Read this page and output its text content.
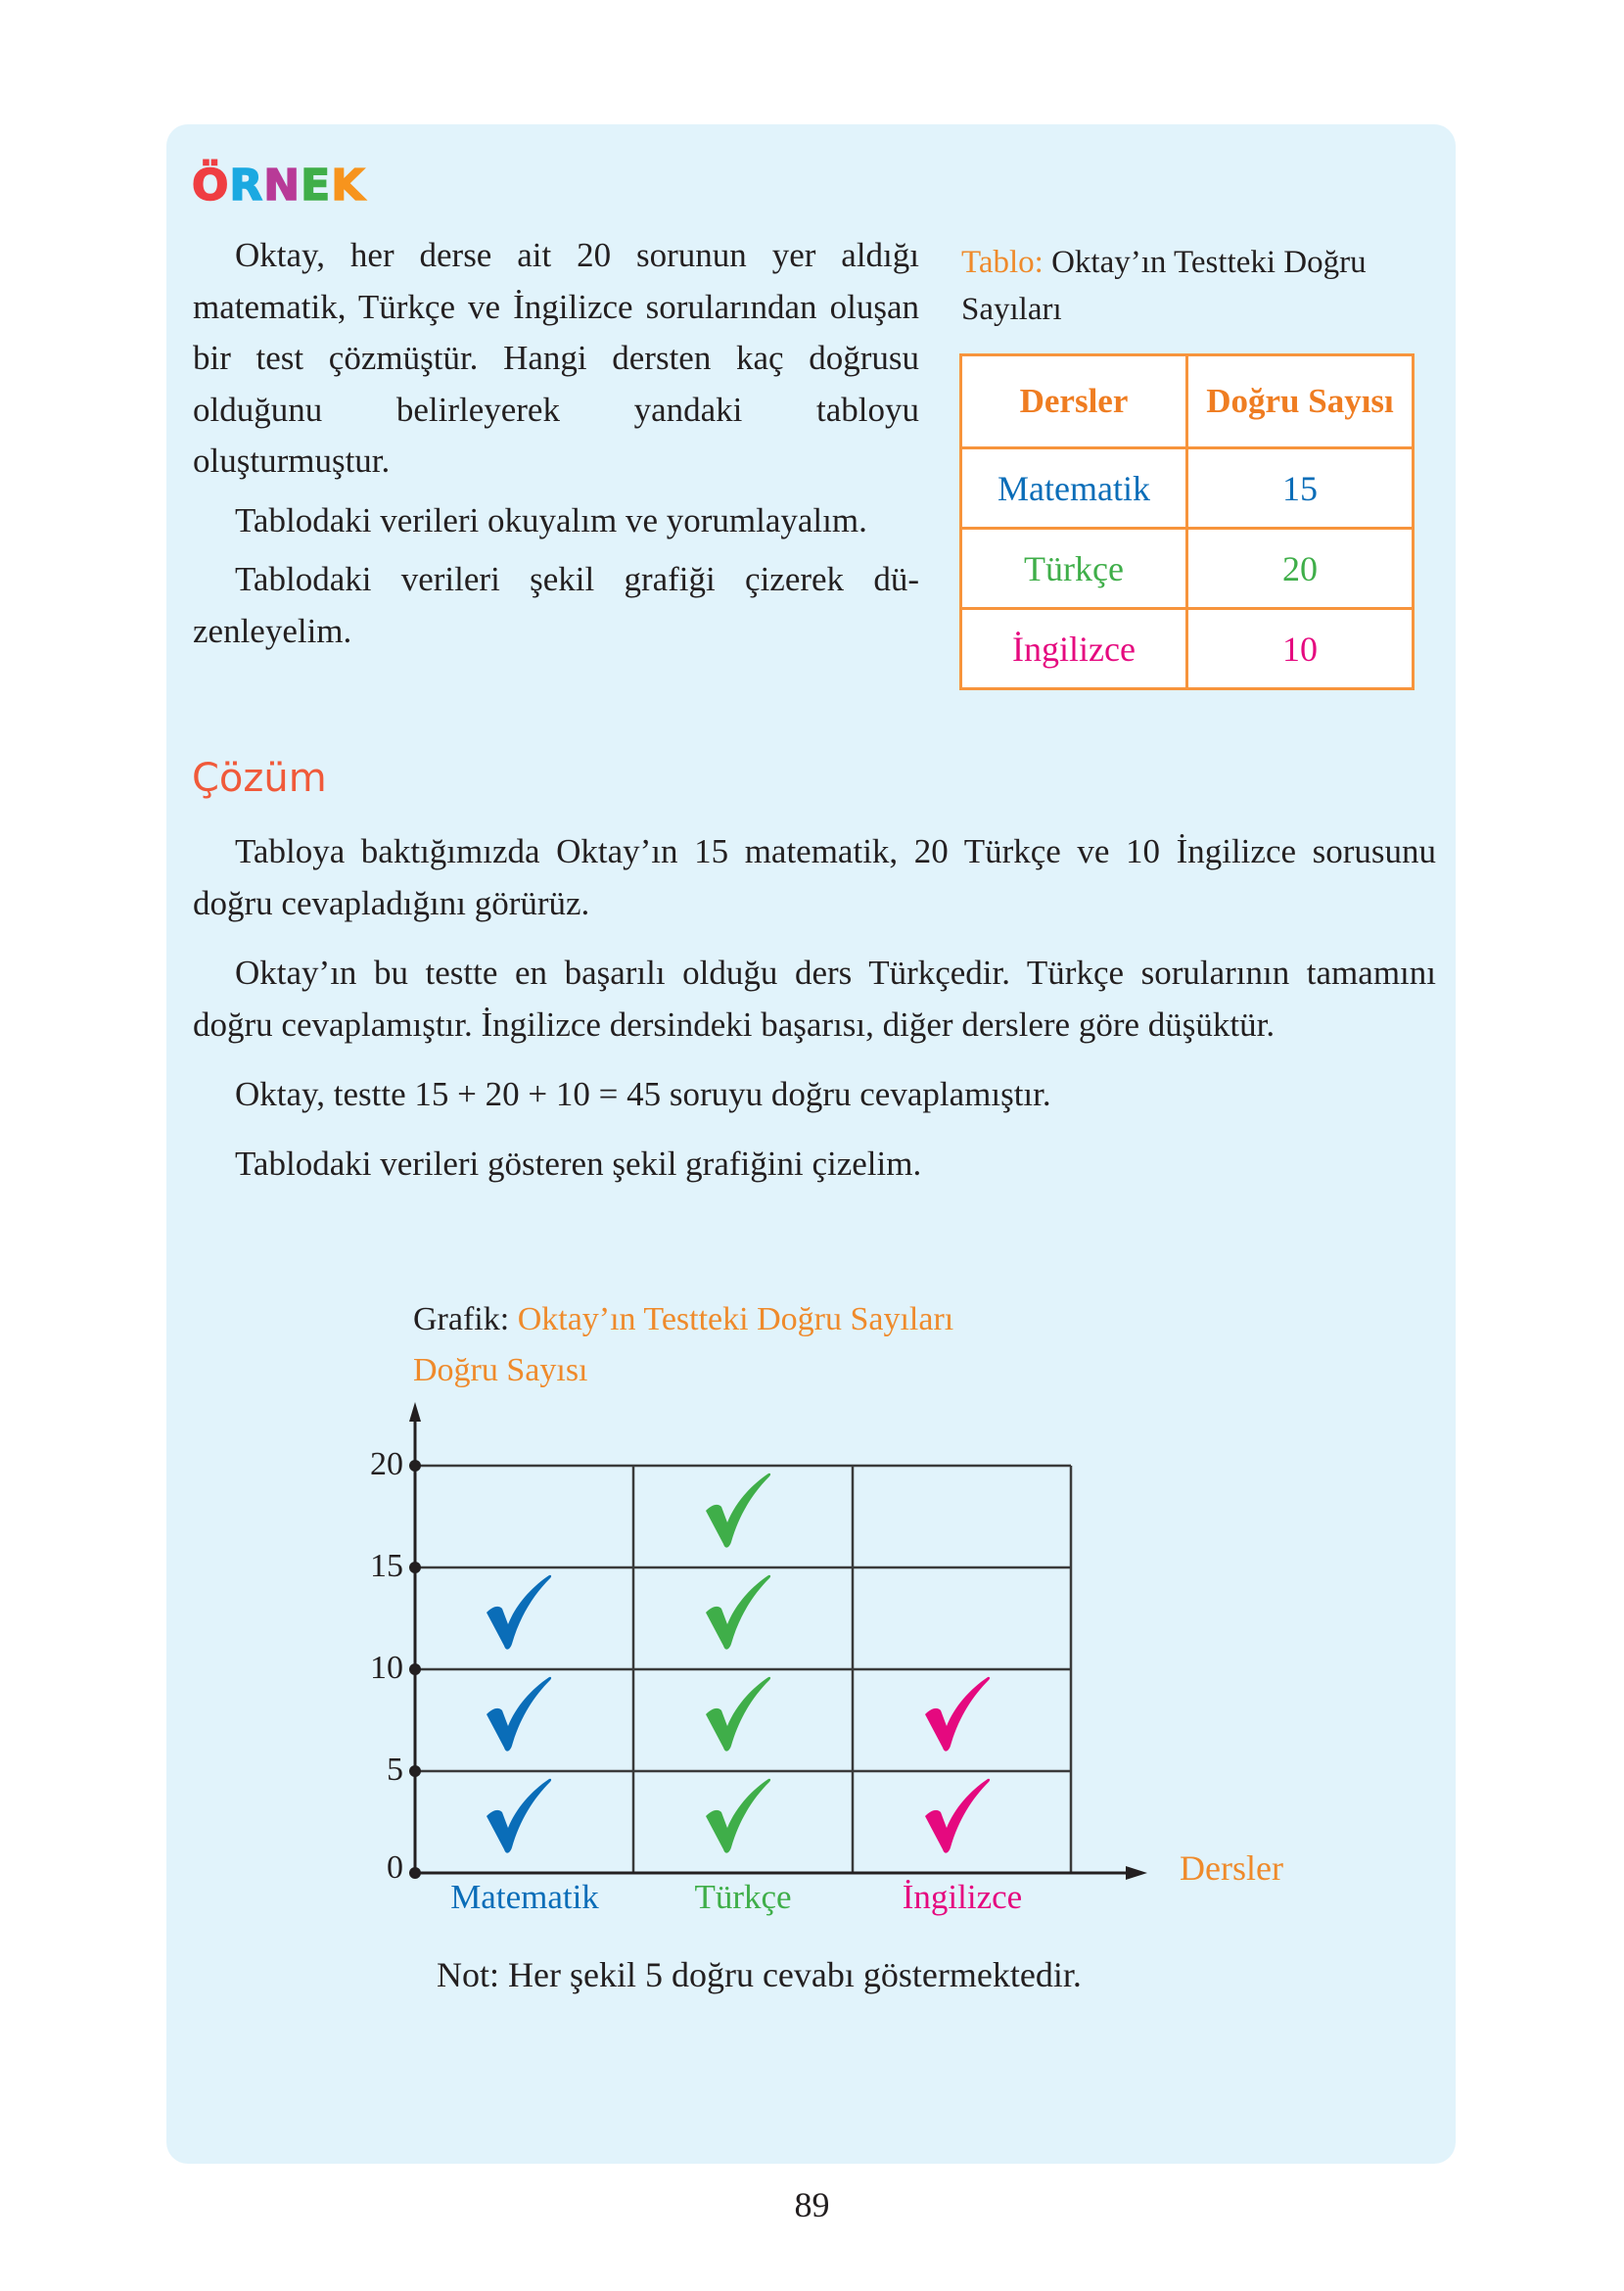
ÖRNEK

Oktay, her derse ait 20 sorunun yer aldığı matematik, Türkçe ve İngilizce sorularından oluşan bir test çözmüştür. Hangi dersten kaç doğrusu olduğunu belirleyerek yandaki tabloyu oluşturmuştur.

Tablodaki verileri okuyalım ve yorumlayalım.

Tablodaki verileri şekil grafiği çizerek düzenleyelim.

Tablo: Oktay’ın Testteki Doğru Sayıları
Dersler	Doğru Sayısı
Matematik	15
Türkçe	20
İngilizce	10
Çözüm

Tabloya baktığımızda Oktay’ın 15 matematik, 20 Türkçe ve 10 İngilizce sorusunu doğru cevapladığını görürüz.

Oktay’ın bu testte en başarılı olduğu ders Türkçedir. Türkçe sorularının tamamını doğru cevaplamıştır. İngilizce dersindeki başarısı, diğer derslere göre düşüktür.

Oktay, testte 15 + 20 + 10 = 45 soruyu doğru cevaplamıştır.

Tablodaki verileri gösteren şekil grafiğini çizelim.

Grafik: Oktay’ın Testteki Doğru Sayıları
Doğru Sayısı
20
15
10
5
0
Matematik	Türkçe	İngilizce
Dersler
Not: Her şekil 5 doğru cevabı göstermektedir.
89
